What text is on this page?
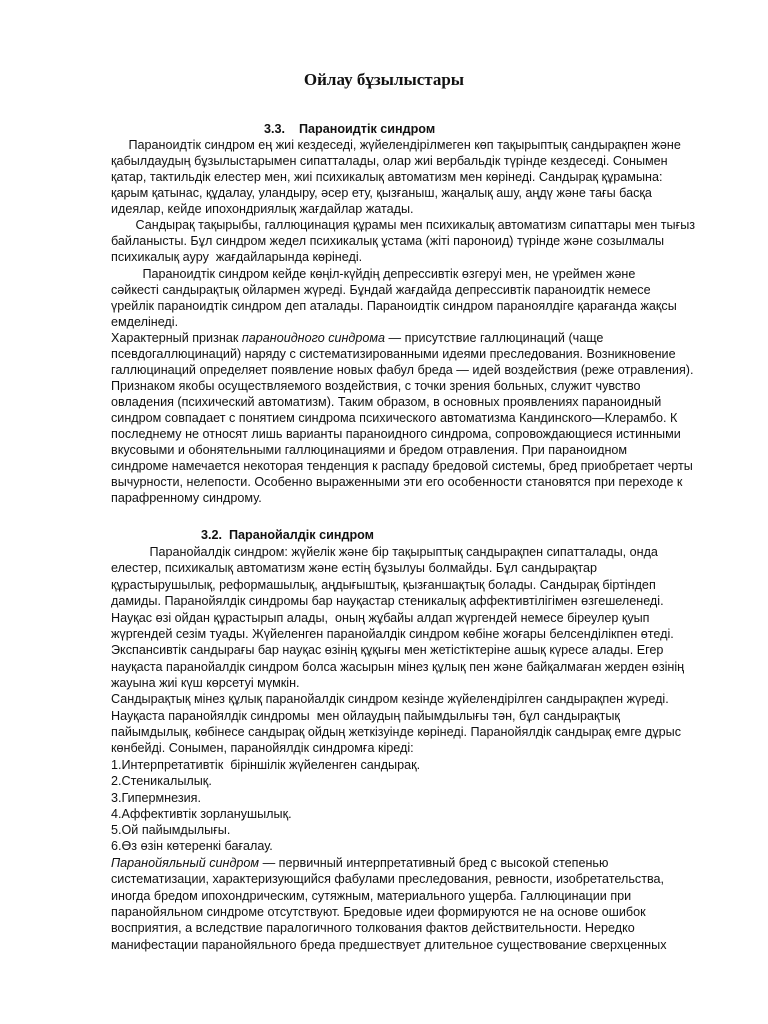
Ойлау бұзылыстары
3.3.    Параноидтік синдром
Параноидтік синдром ең жиі кездеседі, жүйелендірілмеген көп тақырыптық сандырақпен және
қабылдаудың бұзылыстарымен сипатталады, олар жиі вербальдік түрінде кездеседі. Сонымен
қатар, тактильдік елестер мен, жиі психикалық автоматизм мен көрінеді. Сандырақ құрамына:
қарым қатынас, құдалау, уландыру, әсер ету, қызғаныш, жаңалық ашу, аңдү және тағы басқа
идеялар, кейде ипохондриялық жағдайлар жатады.
Сандырақ тақырыбы, галлюцинация құрамы мен психикалық автоматизм сипаттары мен тығыз
байланысты. Бұл синдром жедел психикалық ұстама (жіті пароноид) түрінде және созылмалы
психикалық ауру  жағдайларында көрінеді.
Параноидтік синдром кейде көңіл-күйдің депрессивтік өзгеруі мен, не үреймен және
сәйкесті сандырақтық ойлармен жүреді. Бұндай жағдайда депрессивтік параноидтік немесе
үрейлік параноидтік синдром деп аталады. Параноидтік синдром параноялдіге қарағанда жақсы
емделінеді.
Характерный признак параноидного синдрома — присутствие галлюцинаций (чаще
псевдогаллюцинаций) наряду с систематизированными идеями преследования. Возникновение
галлюцинаций определяет появление новых фабул бреда — идей воздействия (реже отравления).
Признаком якобы осуществляемого воздействия, с точки зрения больных, служит чувство
овладения (психический автоматизм). Таким образом, в основных проявлениях параноидный
синдром совпадает с понятием синдрома психического автоматизма Кандинского—Клерамбо. К
последнему не относят лишь варианты параноидного синдрома, сопровождающиеся истинными
вкусовыми и обонятельными галлюцинациями и бредом отравления. При параноидном
синдроме намечается некоторая тенденция к распаду бредовой системы, бред приобретает черты
вычурности, нелепости. Особенно выраженными эти его особенности становятся при переходе к
парафренному синдрому.
3.2.  Паранойалдік синдром
Паранойалдік синдром: жүйелік және бір тақырыптық сандырақпен сипатталады, онда
елестер, психикалық автоматизм және естің бұзылуы болмайды. Бұл сандырақтар
құрастырушылық, реформашылық, аңдығыштық, қызғаншақтық болады. Сандырақ біртіндеп
дамиды. Паранойялдік синдромы бар науқастар стеникалық аффективтілігімен өзгешеленеді.
Науқас өзі ойдан құрастырып алады,  оның жұбайы алдап жүргендей немесе біреулер қуып
жүргендей сезім туады. Жүйеленген паранойалдік синдром көбіне жоғары белсенділікпен өтеді.
Экспансивтік сандырағы бар науқас өзінің құқығы мен жетістіктеріне ашық күресе алады. Егер
науқаста паранойалдік синдром болса жасырын мінез құлық пен және байқалмаған жерден өзінің
жауына жиі күш көрсетуі мүмкін.
Сандырақтық мінез құлық паранойалдік синдром кезінде жүйелендірілген сандырақпен жүреді.
Науқаста паранойялдік синдромы  мен ойлаудың пайымдылығы тән, бұл сандырақтық
пайымдылық, көбінесе сандырақ ойдың жеткізуінде көрінеді. Паранойялдік сандырақ емге дұрыс
көнбейді. Сонымен, паранойялдік синдромға кіреді:
1.Интерпретативтік  біріншілік жүйеленген сандырақ.
2.Стеникалылық.
3.Гипермнезия.
4.Аффективтік зорланушылық.
5.Ой пайымдылығы.
6.Өз өзін көтеренкі бағалау.
Паранойяльный синдром — первичный интерпретативный бред с высокой степенью
систематизации, характеризующийся фабулами преследования, ревности, изобретательства,
иногда бредом ипохондрическим, сутяжным, материального ущерба. Галлюцинации при
паранойяльном синдроме отсутствуют. Бредовые идеи формируются не на основе ошибок
восприятия, а вследствие паралогичного толкования фактов действительности. Нередко
манифестации паранойяльного бреда предшествует длительное существование сверхценных
